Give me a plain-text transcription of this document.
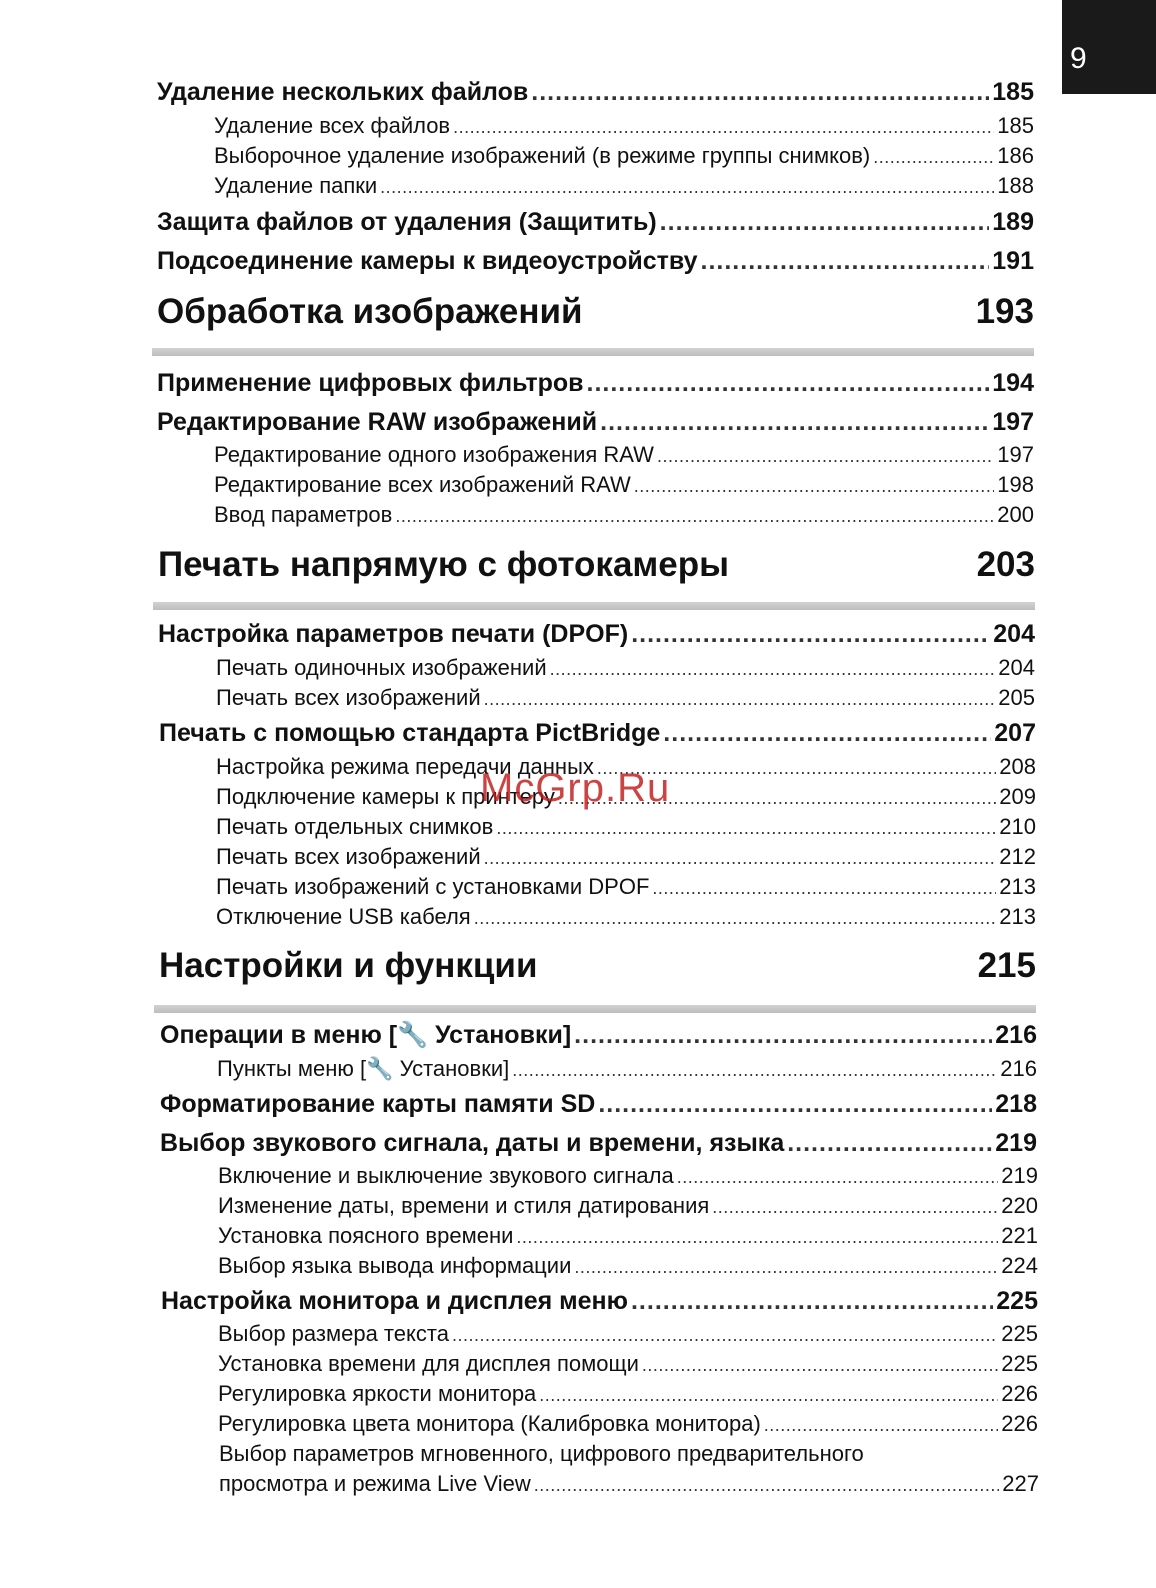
9
Удаление нескольких файлов .....	185
Удаление всех файлов .....	185
Выборочное удаление изображений (в режиме группы снимков) .....	186
Удаление папки .....	188
Защита файлов от удаления (Защитить) .....	189
Подсоединение камеры к видеоустройству .....	191
Обработка изображений	193
Применение цифровых фильтров .....	194
Редактирование RAW изображений .....	197
Редактирование одного изображения RAW .....	197
Редактирование всех изображений RAW .....	198
Ввод параметров .....	200
Печать напрямую с фотокамеры	203
Настройка параметров печати (DPOF) .....	204
Печать одиночных изображений .....	204
Печать всех изображений .....	205
Печать с помощью стандарта PictBridge .....	207
Настройка режима передачи данных .....	208
Подключение камеры к принтеру .....	209
Печать отдельных снимков .....	210
Печать всех изображений .....	212
Печать изображений с установками DPOF .....	213
Отключение USB кабеля .....	213
Настройки и функции	215
Операции в меню [🔧 Установки] .....	216
Пункты меню [🔧 Установки] .....	216
Форматирование карты памяти SD .....	218
Выбор звукового сигнала, даты и времени, языка .....	219
Включение и выключение звукового сигнала .....	219
Изменение даты, времени и стиля датирования .....	220
Установка поясного времени .....	221
Выбор языка вывода информации .....	224
Настройка монитора и дисплея меню .....	225
Выбор размера текста .....	225
Установка времени для дисплея помощи .....	225
Регулировка яркости монитора .....	226
Регулировка цвета монитора (Калибровка монитора) .....	226
Выбор параметров мгновенного, цифрового предварительного
просмотра и режима Live View .....	227
McGrp.Ru
